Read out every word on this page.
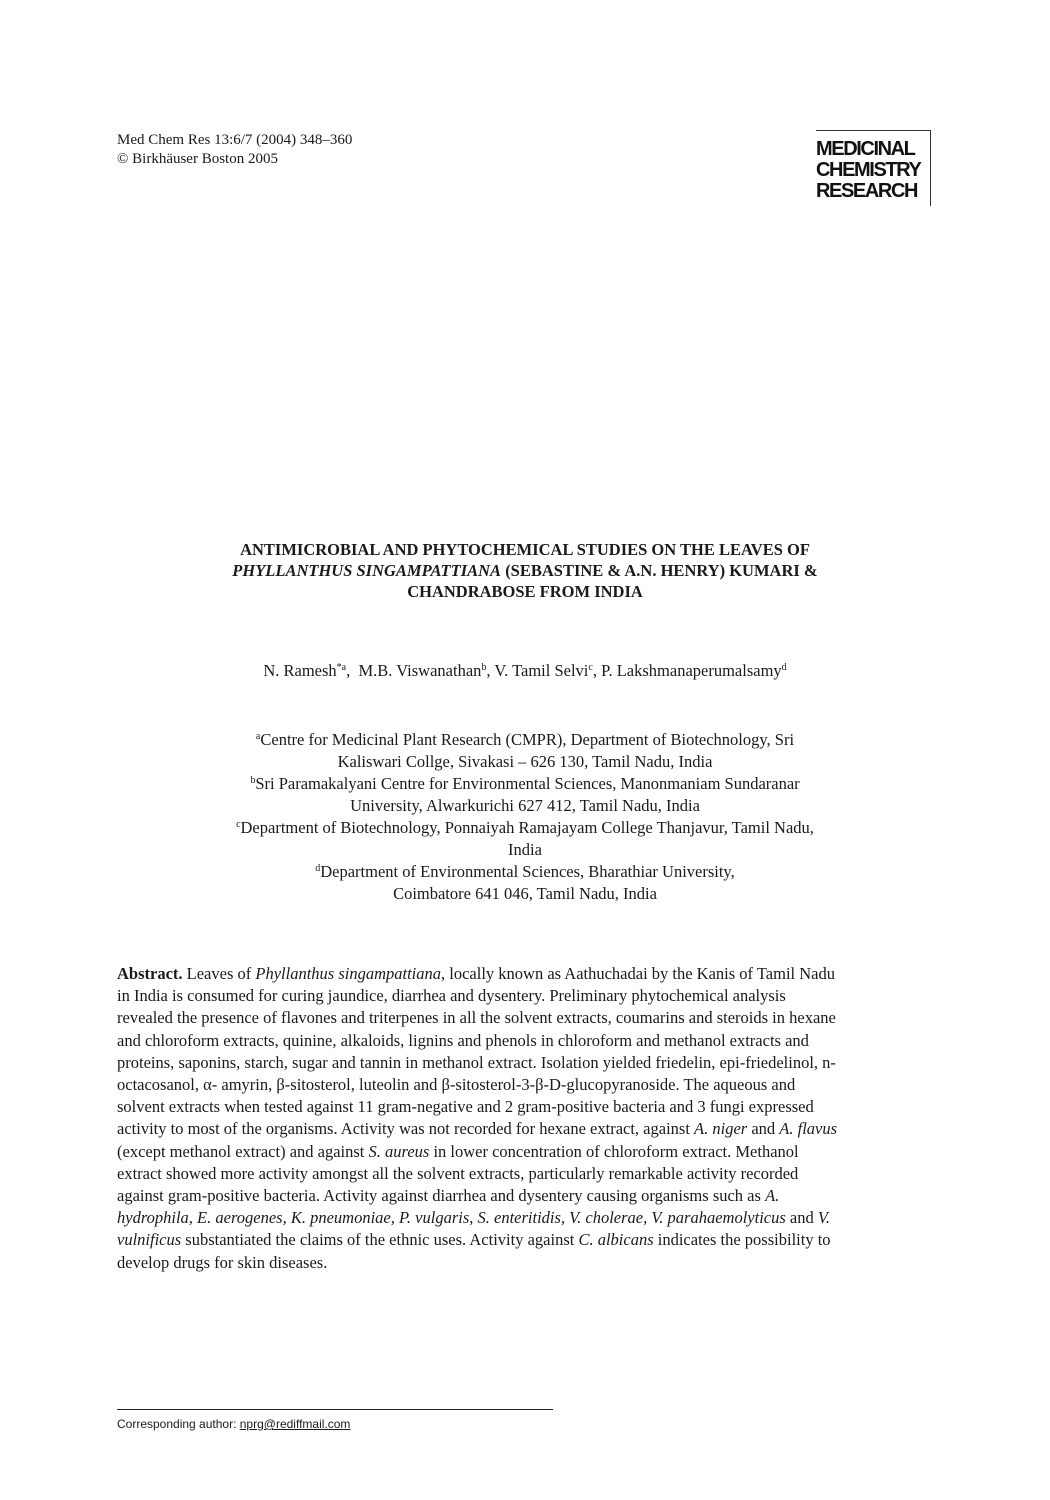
Med Chem Res 13:6/7 (2004) 348–360
© Birkhäuser Boston 2005	MEDICINAL
CHEMISTRY
RESEARCH
ANTIMICROBIAL AND PHYTOCHEMICAL STUDIES ON THE LEAVES OF
PHYLLANTHUS SINGAMPATTIANA (SEBASTINE & A.N. HENRY) KUMARI &
CHANDRABOSE FROM INDIA
N. Ramesh$^{*a}$,  M.B. Viswanathan$^b$, V. Tamil Selvi$^c$, P. Lakshmanaperumalsamy$^d$
$^a$Centre for Medicinal Plant Research (CMPR), Department of Biotechnology, Sri
Kaliswari Collge, Sivakasi – 626 130, Tamil Nadu, India
$^b$Sri Paramakalyani Centre for Environmental Sciences, Manonmaniam Sundaranar
University, Alwarkurichi 627 412, Tamil Nadu, India
$^c$Department of Biotechnology, Ponnaiyah Ramajayam College Thanjavur, Tamil Nadu,
India
$^d$Department of Environmental Sciences, Bharathiar University,
Coimbatore 641 046, Tamil Nadu, India
Abstract. Leaves of Phyllanthus singampattiana, locally known as Aathuchadai by the Kanis of Tamil Nadu in India is consumed for curing jaundice, diarrhea and dysentery. Preliminary phytochemical analysis revealed the presence of flavones and triterpenes in all the solvent extracts, coumarins and steroids in hexane and chloroform extracts, quinine, alkaloids, lignins and phenols in chloroform and methanol extracts and proteins, saponins, starch, sugar and tannin in methanol extract. Isolation yielded friedelin, epi-friedelinol, n-octacosanol, α- amyrin, β-sitosterol, luteolin and β-sitosterol-3-β-D-glucopyranoside. The aqueous and solvent extracts when tested against 11 gram-negative and 2 gram-positive bacteria and 3 fungi expressed activity to most of the organisms. Activity was not recorded for hexane extract, against A. niger and A. flavus (except methanol extract) and against S. aureus in lower concentration of chloroform extract. Methanol extract showed more activity amongst all the solvent extracts, particularly remarkable activity recorded against gram-positive bacteria. Activity against diarrhea and dysentery causing organisms such as A. hydrophila, E. aerogenes, K. pneumoniae, P. vulgaris, S. enteritidis, V. cholerae, V. parahaemolyticus and V. vulnificus substantiated the claims of the ethnic uses. Activity against C. albicans indicates the possibility to develop drugs for skin diseases.
Corresponding author: nprg@rediffmail.com
